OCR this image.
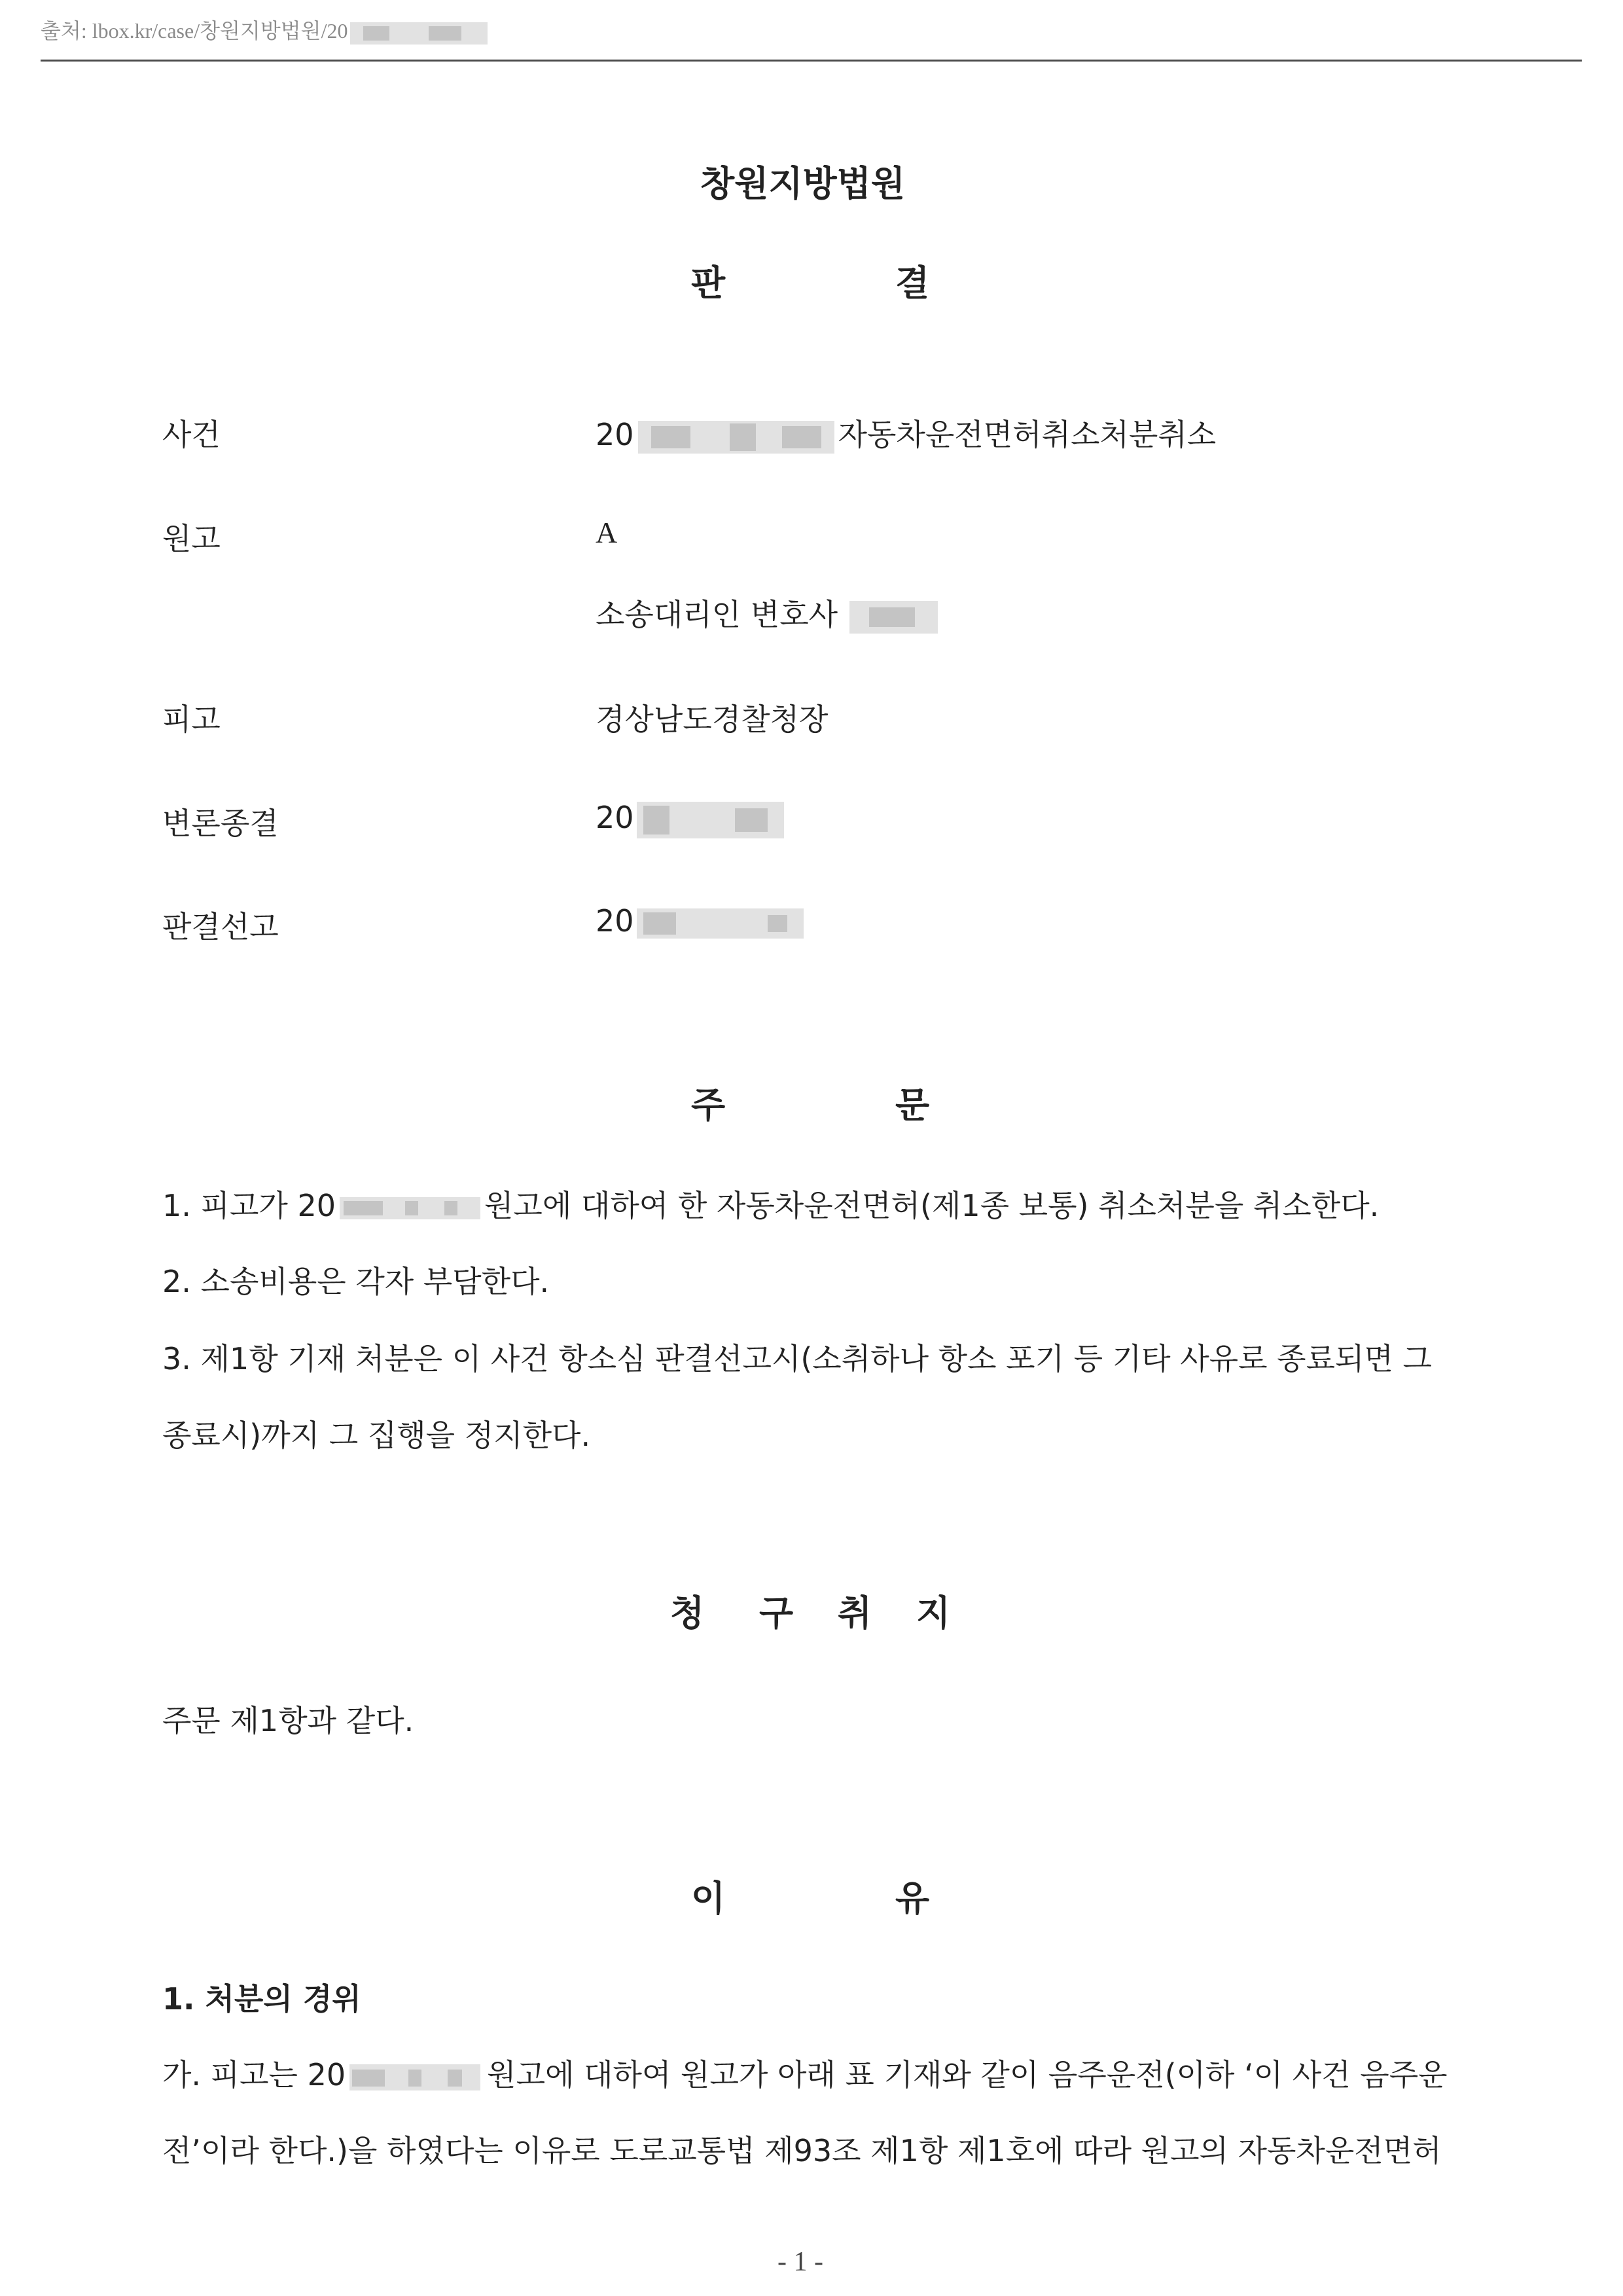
출처: lbox.kr/case/창원지방법원/20
창원지방법원
판	결
사건	20	자동차운전면허취소처분취소
원고	A
소송대리인 변호사
피고	경상남도경찰청장
변론종결	20
판결선고	20
주	문
1. 피고가 20	원고에 대하여 한 자동차운전면허(제1종 보통) 취소처분을 취소한다.
2. 소송비용은 각자 부담한다.
3. 제1항 기재 처분은 이 사건 항소심 판결선고시(소취하나 항소 포기 등 기타 사유로 종료되면 그
종료시)까지 그 집행을 정지한다.
청 구 취 지
주문 제1항과 같다.
이	유
1. 처분의 경위
가. 피고는 20	원고에 대하여 원고가 아래 표 기재와 같이 음주운전(이하 ‘이 사건 음주운
전’이라 한다.)을 하였다는 이유로 도로교통법 제93조 제1항 제1호에 따라 원고의 자동차운전면허
- 1 -
